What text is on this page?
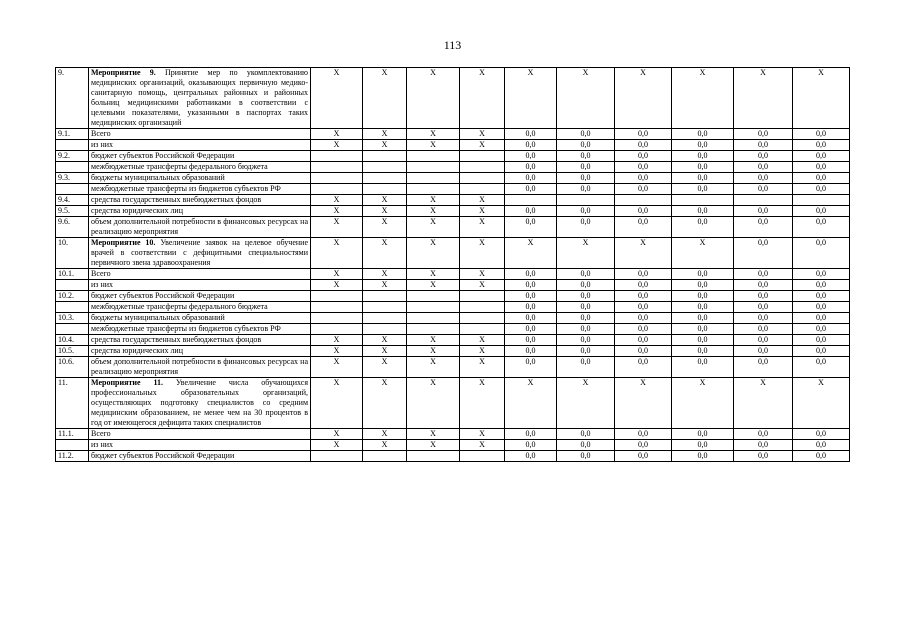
113
9.	Мероприятие 9. Принятие мер по укомплектованию медицинских организаций, оказывающих первичную медико-санитарную помощь, центральных районных и районных больниц медицинскими работниками в соответствии с целевыми показателями, указанными в паспортах таких медицинских организаций	Х	Х	Х	Х	Х	Х	Х	Х	Х	Х
9.1.	Всего	Х	Х	Х	Х	0,0	0,0	0,0	0,0	0,0	0,0
	из них	Х	Х	Х	Х	0,0	0,0	0,0	0,0	0,0	0,0
9.2.	бюджет субъектов Российской Федерации					0,0	0,0	0,0	0,0	0,0	0,0
	межбюджетные трансферты федерального бюджета					0,0	0,0	0,0	0,0	0,0	0,0
9.3.	бюджеты муниципальных образований					0,0	0,0	0,0	0,0	0,0	0,0
	межбюджетные трансферты из бюджетов субъектов РФ					0,0	0,0	0,0	0,0	0,0	0,0
9.4.	средства государственных внебюджетных фондов	Х	Х	Х	Х						
9.5.	средства юридических лиц	Х	Х	Х	Х	0,0	0,0	0,0	0,0	0,0	0,0
9.6.	объем дополнительной потребности в финансовых ресурсах на реализацию мероприятия	Х	Х	Х	Х	0,0	0,0	0,0	0,0	0,0	0,0
10.	Мероприятие 10. Увеличение заявок на целевое обучение врачей в соответствии с дефицитными специальностями первичного звена здравоохранения	Х	Х	Х	Х	Х	Х	Х	Х	0,0	0,0
10.1.	Всего	Х	Х	Х	Х	0,0	0,0	0,0	0,0	0,0	0,0
	из них	Х	Х	Х	Х	0,0	0,0	0,0	0,0	0,0	0,0
10.2.	бюджет субъектов Российской Федерации					0,0	0,0	0,0	0,0	0,0	0,0
	межбюджетные трансферты федерального бюджета					0,0	0,0	0,0	0,0	0,0	0,0
10.3.	бюджеты муниципальных образований					0,0	0,0	0,0	0,0	0,0	0,0
	межбюджетные трансферты из бюджетов субъектов РФ					0,0	0,0	0,0	0,0	0,0	0,0
10.4.	средства государственных внебюджетных фондов	Х	Х	Х	Х	0,0	0,0	0,0	0,0	0,0	0,0
10.5.	средства юридических лиц	Х	Х	Х	Х	0,0	0,0	0,0	0,0	0,0	0,0
10.6.	объем дополнительной потребности в финансовых ресурсах на реализацию мероприятия	Х	Х	Х	Х	0,0	0,0	0,0	0,0	0,0	0,0
11.	Мероприятие 11. Увеличение числа обучающихся профессиональных образовательных организаций, осуществляющих подготовку специалистов со средним медицинским образованием, не менее чем на 30 процентов в год от имеющегося дефицита таких специалистов	Х	Х	Х	Х	Х	Х	Х	Х	Х	Х
11.1.	Всего	Х	Х	Х	Х	0,0	0,0	0,0	0,0	0,0	0,0
	из них	Х	Х	Х	Х	0,0	0,0	0,0	0,0	0,0	0,0
11.2.	бюджет субъектов Российской Федерации					0,0	0,0	0,0	0,0	0,0	0,0
